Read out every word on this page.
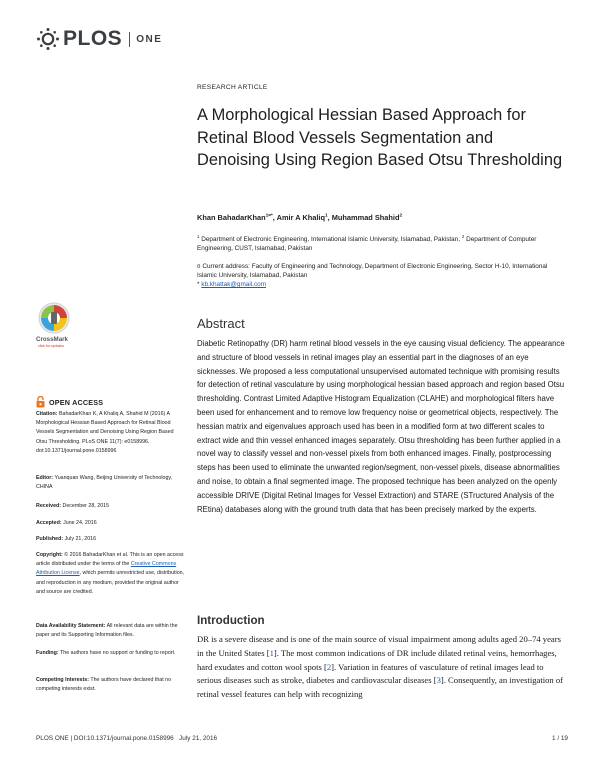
PLOS ONE
CrossMark
click for updates
OPEN ACCESS
Citation: BahadarKhan K, A Khaliq A, Shahid M (2016) A Morphological Hessian Based Approach for Retinal Blood Vessels Segmentation and Denoising Using Region Based Otsu Thresholding. PLoS ONE 11(7): e0158996. doi:10.1371/journal.pone.0158996
Editor: Yuanquan Wang, Beijing University of Technology, CHINA
Received: December 28, 2015
Accepted: June 24, 2016
Published: July 21, 2016
Copyright: © 2016 BahadarKhan et al. This is an open access article distributed under the terms of the Creative Commons Attribution License, which permits unrestricted use, distribution, and reproduction in any medium, provided the original author and source are credited.
Data Availability Statement: All relevant data are within the paper and its Supporting Information files.
Funding: The authors have no support or funding to report.
Competing Interests: The authors have declared that no competing interests exist.
RESEARCH ARTICLE
A Morphological Hessian Based Approach for Retinal Blood Vessels Segmentation and Denoising Using Region Based Otsu Thresholding
Khan BahadarKhan$^{1¤*}$, Amir A Khaliq$^1$, Muhammad Shahid$^2$
$^1$ Department of Electronic Engineering, International Islamic University, Islamabad, Pakistan, $^2$ Department of Computer Engineering, CUST, Islamabad, Pakistan
¤ Current address: Faculty of Engineering and Technology, Department of Electronic Engineering, Sector H-10, International Islamic University, Islamabad, Pakistan
* kb.khattak@gmail.com
Abstract
Diabetic Retinopathy (DR) harm retinal blood vessels in the eye causing visual deficiency. The appearance and structure of blood vessels in retinal images play an essential part in the diagnoses of an eye sicknesses. We proposed a less computational unsupervised automated technique with promising results for detection of retinal vasculature by using morphological hessian based approach and region based Otsu thresholding. Contrast Limited Adaptive Histogram Equalization (CLAHE) and morphological filters have been used for enhancement and to remove low frequency noise or geometrical objects, respectively. The hessian matrix and eigenvalues approach used has been in a modified form at two different scales to extract wide and thin vessel enhanced images separately. Otsu thresholding has been further applied in a novel way to classify vessel and non-vessel pixels from both enhanced images. Finally, postprocessing steps has been used to eliminate the unwanted region/segment, non-vessel pixels, disease abnormalities and noise, to obtain a final segmented image. The proposed technique has been analyzed on the openly accessible DRIVE (Digital Retinal Images for Vessel Extraction) and STARE (STructured Analysis of the REtina) databases along with the ground truth data that has been precisely marked by the experts.
Introduction
DR is a severe disease and is one of the main source of visual impairment among adults aged 20–74 years in the United States [1]. The most common indications of DR include dilated retinal veins, hemorrhages, hard exudates and cotton wool spots [2]. Variation in features of vasculature of retinal images lead to serious diseases such as stroke, diabetes and cardiovascular diseases [3]. Consequently, an investigation of retinal vessel features can help with recognizing
PLOS ONE | DOI:10.1371/journal.pone.0158996   July 21, 2016	1 / 19
